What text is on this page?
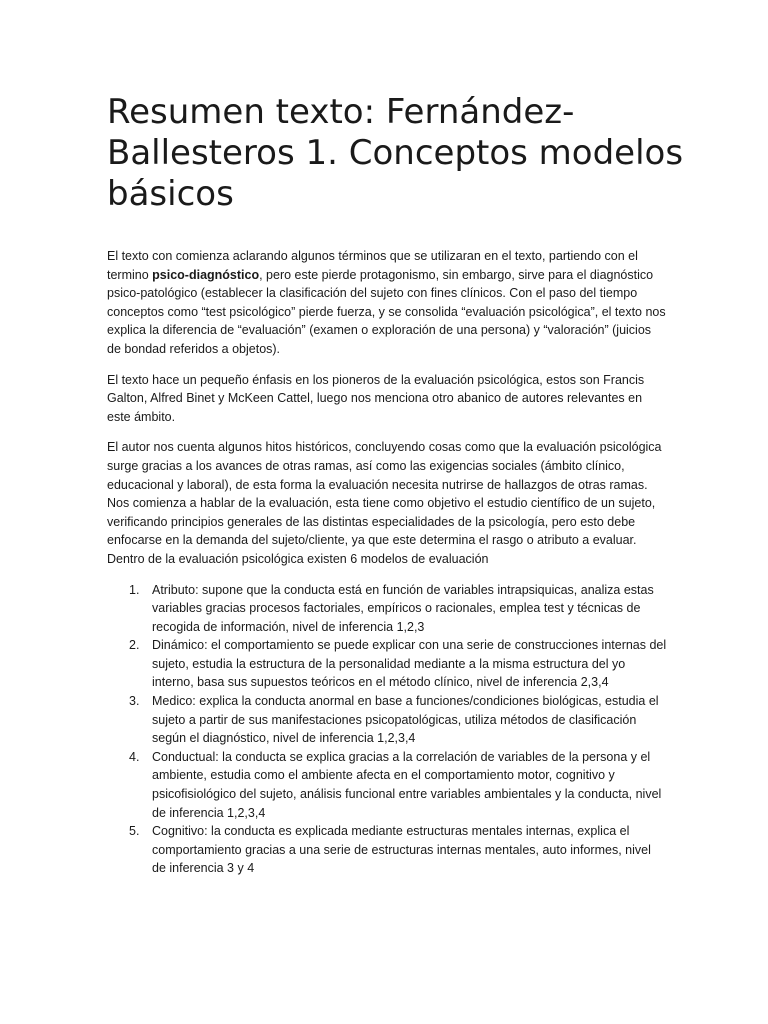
Resumen texto: Fernández-Ballesteros 1. Conceptos modelos básicos

El texto con comienza aclarando algunos términos que se utilizaran en el texto, partiendo con el termino psico-diagnóstico, pero este pierde protagonismo, sin embargo, sirve para el diagnóstico psico-patológico (establecer la clasificación del sujeto con fines clínicos. Con el paso del tiempo conceptos como “test psicológico” pierde fuerza, y se consolida “evaluación psicológica”, el texto nos explica la diferencia de “evaluación” (examen o exploración de una persona) y “valoración” (juicios de bondad referidos a objetos).

El texto hace un pequeño énfasis en los pioneros de la evaluación psicológica, estos son Francis Galton, Alfred Binet y McKeen Cattel, luego nos menciona otro abanico de autores relevantes en este ámbito.

El autor nos cuenta algunos hitos históricos, concluyendo cosas como que la evaluación psicológica surge gracias a los avances de otras ramas, así como las exigencias sociales (ámbito clínico, educacional y laboral), de esta forma la evaluación necesita nutrirse de hallazgos de otras ramas. Nos comienza a hablar de la evaluación, esta tiene como objetivo el estudio científico de un sujeto, verificando principios generales de las distintas especialidades de la psicología, pero esto debe enfocarse en la demanda del sujeto/cliente, ya que este determina el rasgo o atributo a evaluar. Dentro de la evaluación psicológica existen 6 modelos de evaluación

1. Atributo: supone que la conducta está en función de variables intrapsiquicas, analiza estas variables gracias procesos factoriales, empíricos o racionales, emplea test y técnicas de recogida de información, nivel de inferencia 1,2,3
2. Dinámico: el comportamiento se puede explicar con una serie de construcciones internas del sujeto, estudia la estructura de la personalidad mediante a la misma estructura del yo interno, basa sus supuestos teóricos en el método clínico, nivel de inferencia 2,3,4
3. Medico: explica la conducta anormal en base a funciones/condiciones biológicas, estudia el sujeto a partir de sus manifestaciones psicopatológicas, utiliza métodos de clasificación según el diagnóstico, nivel de inferencia 1,2,3,4
4. Conductual: la conducta se explica gracias a la correlación de variables de la persona y el ambiente, estudia como el ambiente afecta en el comportamiento motor, cognitivo y psicofisiológico del sujeto, análisis funcional entre variables ambientales y la conducta, nivel de inferencia 1,2,3,4
5. Cognitivo: la conducta es explicada mediante estructuras mentales internas, explica el comportamiento gracias a una serie de estructuras internas mentales, auto informes, nivel de inferencia 3 y 4
